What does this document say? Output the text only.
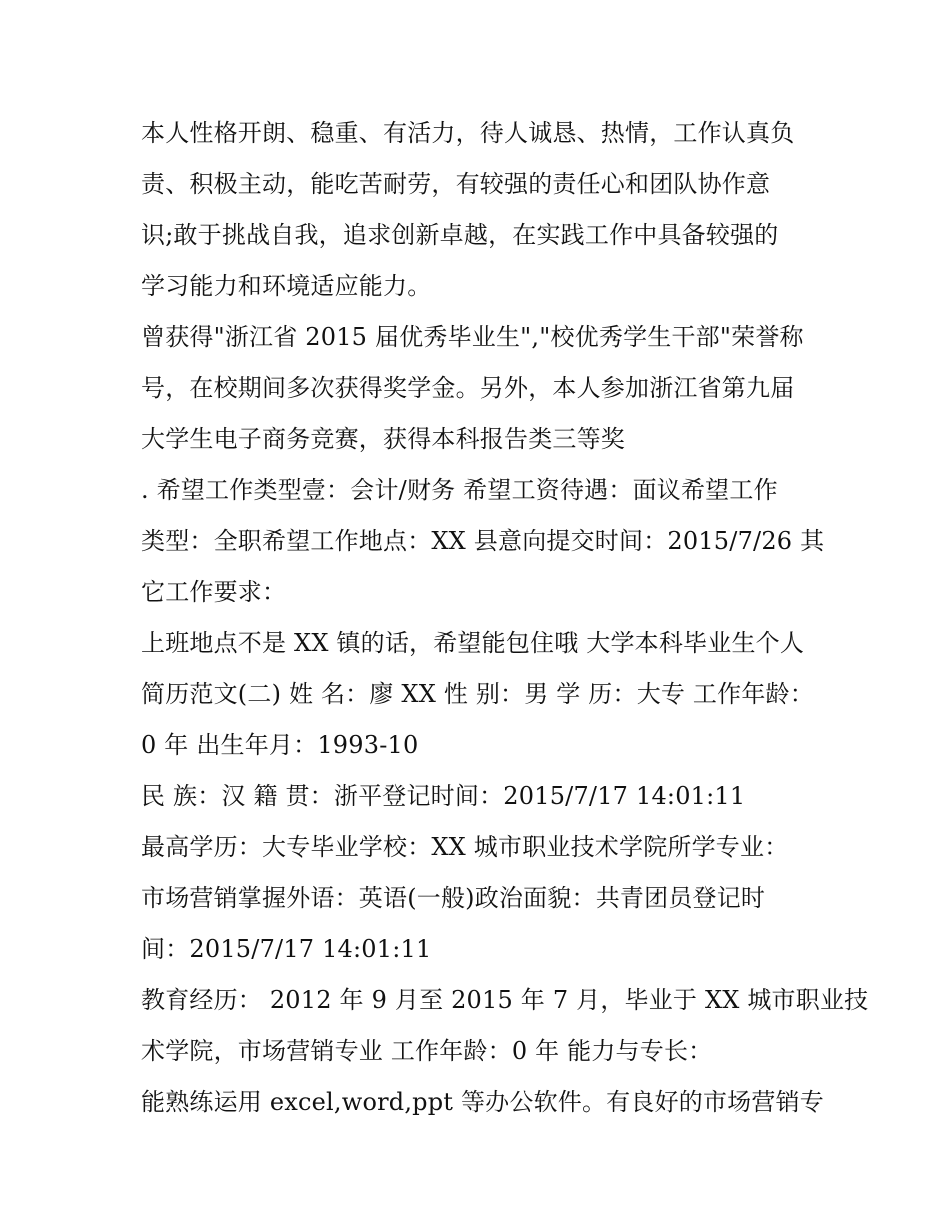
本人性格开朗、稳重、有活力，待人诚恳、热情，工作认真负
责、积极主动，能吃苦耐劳，有较强的责任心和团队协作意
识;敢于挑战自我，追求创新卓越，在实践工作中具备较强的
学习能力和环境适应能力。
曾获得"浙江省 2015 届优秀毕业生","校优秀学生干部"荣誉称
号，在校期间多次获得奖学金。另外，本人参加浙江省第九届
大学生电子商务竞赛，获得本科报告类三等奖
. 希望工作类型壹：会计/财务 希望工资待遇：面议希望工作
类型：全职希望工作地点：XX 县意向提交时间：2015/7/26 其
它工作要求：
上班地点不是 XX 镇的话，希望能包住哦 大学本科毕业生个人
简历范文(二) 姓 名：廖 XX 性 别：男 学 历：大专 工作年龄：
0 年 出生年月：1993-10
民 族：汉 籍 贯：浙平登记时间：2015/7/17 14:01:11
最高学历：大专毕业学校：XX 城市职业技术学院所学专业：
市场营销掌握外语：英语(一般)政治面貌：共青团员登记时
间：2015/7/17 14:01:11
教育经历： 2012 年 9 月至 2015 年 7 月，毕业于 XX 城市职业技
术学院，市场营销专业 工作年龄：0 年 能力与专长：
能熟练运用 excel,word,ppt 等办公软件。有良好的市场营销专
